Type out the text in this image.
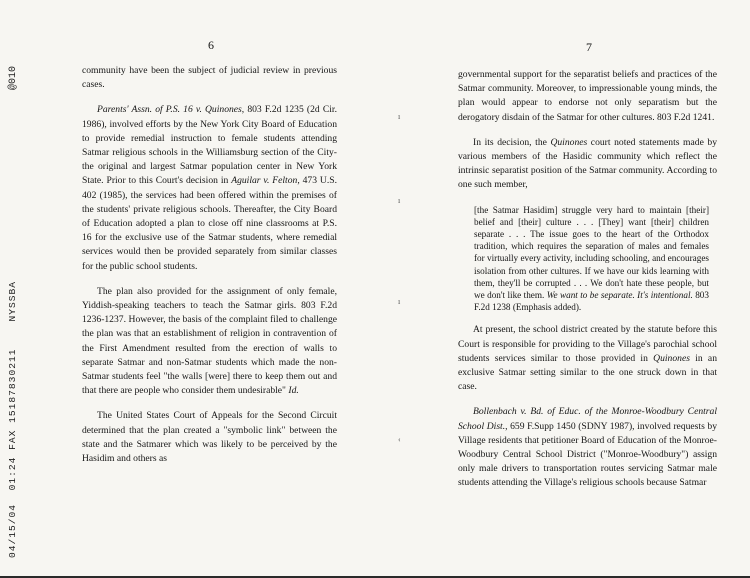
@010
04/15/04  01:24 FAX 15187830211    NYSSBA
ı
ı
ı
‹
6

community have been the subject of judicial review in previous cases.

Parents' Assn. of P.S. 16 v. Quinones, 803 F.2d 1235 (2d Cir. 1986), involved efforts by the New York City Board of Education to provide remedial instruction to female students attending Satmar religious schools in the Williamsburg section of the City-the original and largest Satmar population center in New York State. Prior to this Court's decision in Aguilar v. Felton, 473 U.S. 402 (1985), the services had been offered within the premises of the students' private religious schools. Thereafter, the City Board of Education adopted a plan to close off nine classrooms at P.S. 16 for the exclusive use of the Satmar students, where remedial services would then be provided separately from similar classes for the public school students.

The plan also provided for the assignment of only female, Yiddish-speaking teachers to teach the Satmar girls. 803 F.2d 1236-1237. However, the basis of the complaint filed to challenge the plan was that an establishment of religion in contravention of the First Amendment resulted from the erection of walls to separate Satmar and non-Satmar students which made the non-Satmar students feel "the walls [were] there to keep them out and that there are people who consider them undesirable" Id.

The United States Court of Appeals for the Second Circuit determined that the plan created a "symbolic link" between the state and the Satmarer which was likely to be perceived by the Hasidim and others as

7

governmental support for the separatist beliefs and practices of the Satmar community. Moreover, to impressionable young minds, the plan would appear to endorse not only separatism but the derogatory disdain of the Satmar for other cultures. 803 F.2d 1241.

In its decision, the Quinones court noted statements made by various members of the Hasidic community which reflect the intrinsic separatist position of the Satmar community. According to one such member,

[the Satmar Hasidim] struggle very hard to maintain [their] belief and [their] culture . . . [They] want [their] children separate . . . The issue goes to the heart of the Orthodox tradition, which requires the separation of males and females for virtually every activity, including schooling, and encourages isolation from other cultures. If we have our kids learning with them, they'll be corrupted . . . We don't hate these people, but we don't like them. We want to be separate. It's intentional. 803 F.2d 1238 (Emphasis added).

At present, the school district created by the statute before this Court is responsible for providing to the Village's parochial school students services similar to those provided in Quinones in an exclusive Satmar setting similar to the one struck down in that case.

Bollenbach v. Bd. of Educ. of the Monroe-Woodbury Central School Dist., 659 F.Supp 1450 (SDNY 1987), involved requests by Village residents that petitioner Board of Education of the Monroe-Woodbury Central School District ("Monroe-Woodbury") assign only male drivers to transportation routes servicing Satmar male students attending the Village's religious schools because Satmar
